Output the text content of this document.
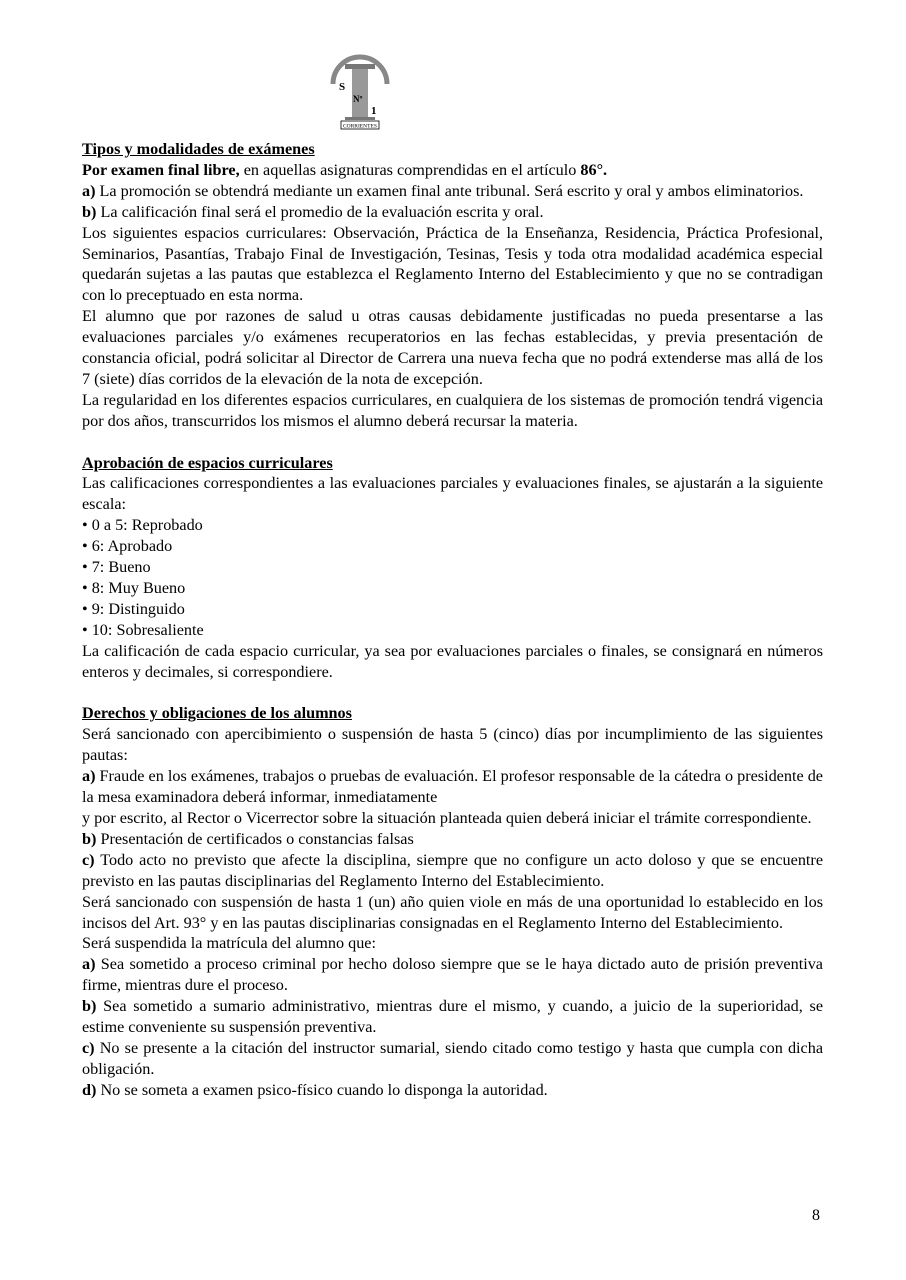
S
Nº
1
CORRIENTES

Tipos y modalidades de exámenes

Por examen final libre, en aquellas asignaturas comprendidas en el artículo 86°.

a) La promoción se obtendrá mediante un examen final ante tribunal. Será escrito y oral y ambos eliminatorios.

b) La calificación final será el promedio de la evaluación escrita y oral.

Los siguientes espacios curriculares: Observación, Práctica de la Enseñanza, Residencia, Práctica Profesional, Seminarios, Pasantías, Trabajo Final de Investigación, Tesinas, Tesis y toda otra modalidad académica especial quedarán sujetas a las pautas que establezca el Reglamento Interno del Establecimiento y que no se contradigan con lo preceptuado en esta norma.

El alumno que por razones de salud u otras causas debidamente justificadas no pueda presentarse a las evaluaciones parciales y/o exámenes recuperatorios en las fechas establecidas, y previa presentación de constancia oficial, podrá solicitar al Director de Carrera una nueva fecha que no podrá extenderse mas allá de los 7 (siete) días corridos de la elevación de la nota de excepción.

La regularidad en los diferentes espacios curriculares, en cualquiera de los sistemas de promoción tendrá vigencia por dos años, transcurridos los mismos el alumno deberá recursar la materia.

Aprobación de espacios curriculares

Las calificaciones correspondientes a las evaluaciones parciales y evaluaciones finales, se ajustarán a la siguiente escala:

• 0 a 5: Reprobado

• 6: Aprobado

• 7: Bueno

• 8: Muy Bueno

• 9: Distinguido

• 10: Sobresaliente

La calificación de cada espacio curricular, ya sea por evaluaciones parciales o finales, se consignará en números enteros y decimales, si correspondiere.

Derechos y obligaciones de los alumnos

Será sancionado con apercibimiento o suspensión de hasta 5 (cinco) días por incumplimiento de las siguientes pautas:

a) Fraude en los exámenes, trabajos o pruebas de evaluación. El profesor responsable de la cátedra o presidente de la mesa examinadora deberá informar, inmediatamente

y por escrito, al Rector o Vicerrector sobre la situación planteada quien deberá iniciar el trámite correspondiente.

b) Presentación de certificados o constancias falsas

c) Todo acto no previsto que afecte la disciplina, siempre que no configure un acto doloso y que se encuentre previsto en las pautas disciplinarias del Reglamento Interno del Establecimiento.

Será sancionado con suspensión de hasta 1 (un) año quien viole en más de una oportunidad lo establecido en los incisos del Art. 93° y en las pautas disciplinarias consignadas en el Reglamento Interno del Establecimiento.

Será suspendida la matrícula del alumno que:

a) Sea sometido a proceso criminal por hecho doloso siempre que se le haya dictado auto de prisión preventiva firme, mientras dure el proceso.

b) Sea sometido a sumario administrativo, mientras dure el mismo, y cuando, a juicio de la superioridad, se estime conveniente su suspensión preventiva.

c) No se presente a la citación del instructor sumarial, siendo citado como testigo y hasta que cumpla con dicha obligación.

d) No se someta a examen psico-físico cuando lo disponga la autoridad.

8
